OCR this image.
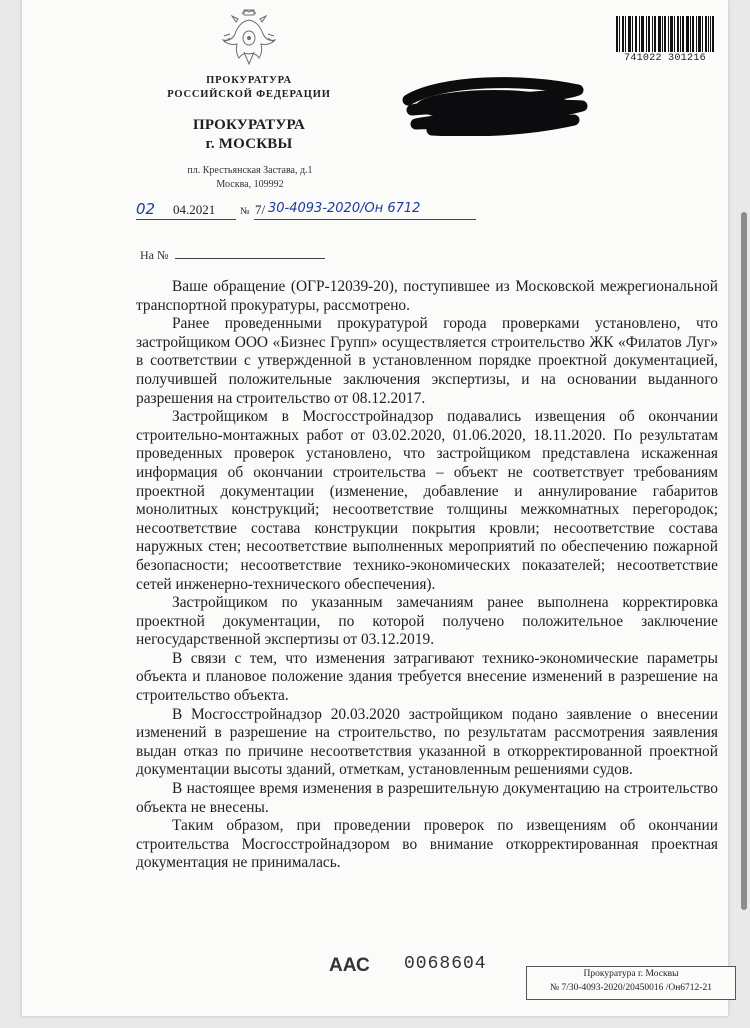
741022 301216
ПРОКУРАТУРА
РОССИЙСКОЙ ФЕДЕРАЦИИ
ПРОКУРАТУРА
г. МОСКВЫ
пл. Крестьянская Застава, д.1
Москва, 109992
02 04.2021 № 7/ 30-4093-2020/Он 6712
На №

Ваше обращение (ОГР-12039-20), поступившее из Московской межрегиональной транспортной прокуратуры, рассмотрено.

Ранее проведенными прокуратурой города проверками установлено, что застройщиком ООО «Бизнес Групп» осуществляется строительство ЖК «Филатов Луг» в соответствии с утвержденной в установленном порядке проектной документацией, получившей положительные заключения экспертизы, и на основании выданного разрешения на строительство от 08.12.2017.

Застройщиком в Мосгосстройнадзор подавались извещения об окончании строительно-монтажных работ от 03.02.2020, 01.06.2020, 18.11.2020. По результатам проведенных проверок установлено, что застройщиком представлена искаженная информация об окончании строительства – объект не соответствует требованиям проектной документации (изменение, добавление и аннулирование габаритов монолитных конструкций; несоответствие толщины межкомнатных перегородок; несоответствие состава конструкции покрытия кровли; несоответствие состава наружных стен; несоответствие выполненных мероприятий по обеспечению пожарной безопасности; несоответствие технико-экономических показателей; несоответствие сетей инженерно-технического обеспечения).

Застройщиком по указанным замечаниям ранее выполнена корректировка проектной документации, по которой получено положительное заключение негосударственной экспертизы от 03.12.2019.

В связи с тем, что изменения затрагивают технико-экономические параметры объекта и плановое положение здания требуется внесение изменений в разрешение на строительство объекта.

В Мосгосстройнадзор 20.03.2020 застройщиком подано заявление о внесении изменений в разрешение на строительство, по результатам рассмотрения заявления выдан отказ по причине несоответствия указанной в откорректированной проектной документации высоты зданий, отметкам, установленным решениями судов.

В настоящее время изменения в разрешительную документацию на строительство объекта не внесены.

Таким образом, при проведении проверок по извещениям об окончании строительства Мосгосстройнадзором во внимание откорректированная проектная документация не принималась.

ААС 0068604	Прокуратура г. Москвы
№ 7/30-4093-2020/20450016 /Он6712-21
